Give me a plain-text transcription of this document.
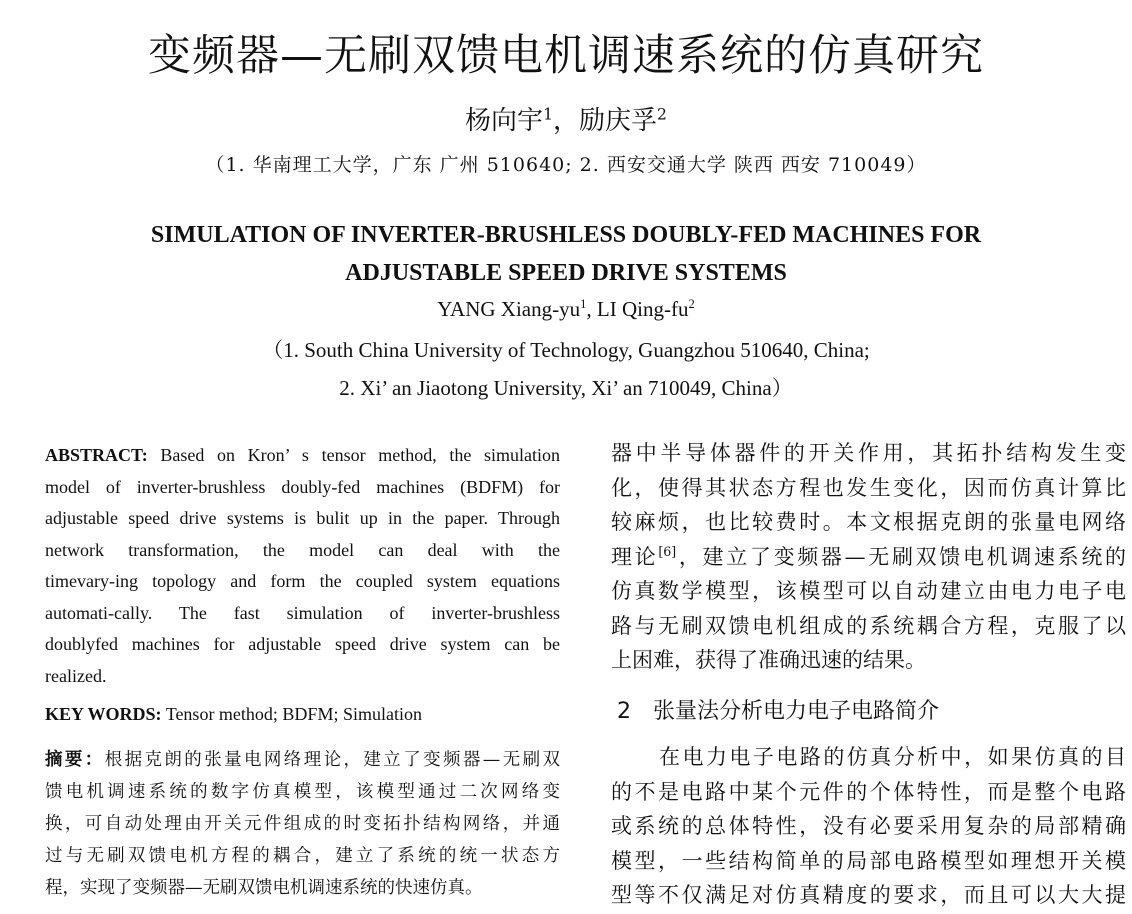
变频器—无刷双馈电机调速系统的仿真研究
杨向宇$^1$，励庆孚$^2$
（1. 华南理工大学，广东 广州 510640; 2. 西安交通大学 陕西 西安 710049）
SIMULATION OF INVERTER-BRUSHLESS DOUBLY-FED MACHINES FOR
ADJUSTABLE SPEED DRIVE SYSTEMS
YANG Xiang-$yu^1$, LI Qing-$fu^2$
（1. South China University of Technology, Guangzhou 510640, China;
2. Xi’ an Jiaotong University, Xi’ an 710049, China）
ABSTRACT: Based on Kron’ s tensor method, the simulation
model of inverter-brushless doubly-fed machines (BDFM) for
adjustable speed drive systems is bulit up in the paper. Through
network transformation, the model can deal with the
timevary-ing topology and form the coupled system equations
automati-cally. The fast simulation of inverter-brushless
doublyfed machines for adjustable speed drive system can be
realized.
KEY WORDS: Tensor method; BDFM; Simulation
摘要：根据克朗的张量电网络理论，建立了变频器—无刷双
馈电机调速系统的数字仿真模型，该模型通过二次网络变
换，可自动处理由开关元件组成的时变拓扑结构网络，并通
过与无刷双馈电机方程的耦合，建立了系统的统一状态方
程，实现了变频器—无刷双馈电机调速系统的快速仿真。
器中半导体器件的开关作用，其拓扑结构发生变
化，使得其状态方程也发生变化，因而仿真计算比
较麻烦，也比较费时。本文根据克朗的张量电网络
理论[6]，建立了变频器—无刷双馈电机调速系统的
仿真数学模型，该模型可以自动建立由电力电子电
路与无刷双馈电机组成的系统耦合方程，克服了以
上困难，获得了准确迅速的结果。
2 张量法分析电力电子电路简介
在电力电子电路的仿真分析中，如果仿真的目
的不是电路中某个元件的个体特性，而是整个电路
或系统的总体特性，没有必要采用复杂的局部精确
模型，一些结构简单的局部电路模型如理想开关模
型等不仅满足对仿真精度的要求，而且可以大大提
